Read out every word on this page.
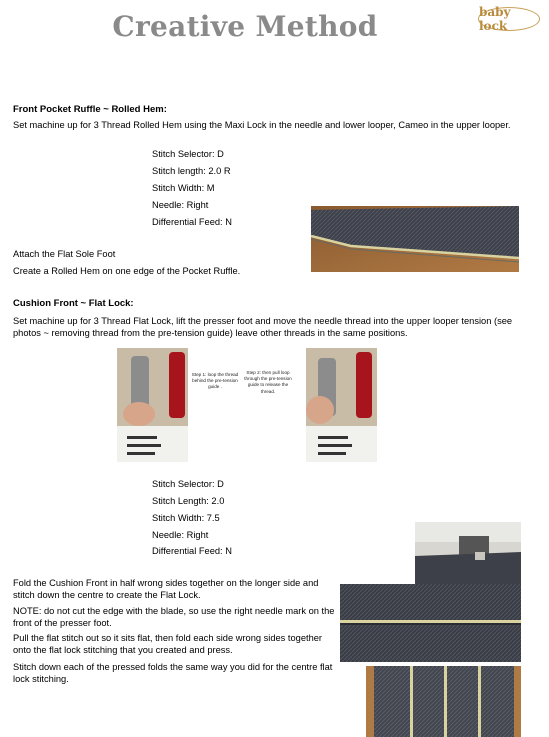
Creative Method	baby lock
Front Pocket Ruffle ~ Rolled Hem:
Set machine up for 3 Thread Rolled Hem using the Maxi Lock in the needle and lower looper, Cameo in the upper looper.
Stitch Selector: D
Stitch length: 2.0 R
Stitch Width: M
Needle: Right
Differential Feed: N
Attach the Flat Sole Foot
Create a Rolled Hem on one edge of the Pocket Ruffle.
Cushion Front ~ Flat Lock:
Set machine up for 3 Thread Flat Lock, lift the presser foot and move the needle thread into the upper looper tension (see photos ~ removing thread from the pre-tension guide) leave other threads in the same positions.
Step 1: loop the thread behind the pre-tension guide .
Step 2: then pull loop through the pre-tension guide to release the thread.
Stitch Selector: D
Stitch Length: 2.0
Stitch Width: 7.5
Needle: Right
Differential Feed: N
Fold the Cushion Front in half wrong sides together on the longer side and stitch down the centre to create the Flat Lock.
NOTE: do not cut the edge with the blade, so use the right needle mark on the front of the presser foot.
Pull the flat stitch out so it sits flat, then fold each side wrong sides together onto the flat lock stitching that you created and press.
Stitch down each of the pressed folds the same way you did for the centre flat lock stitching.
